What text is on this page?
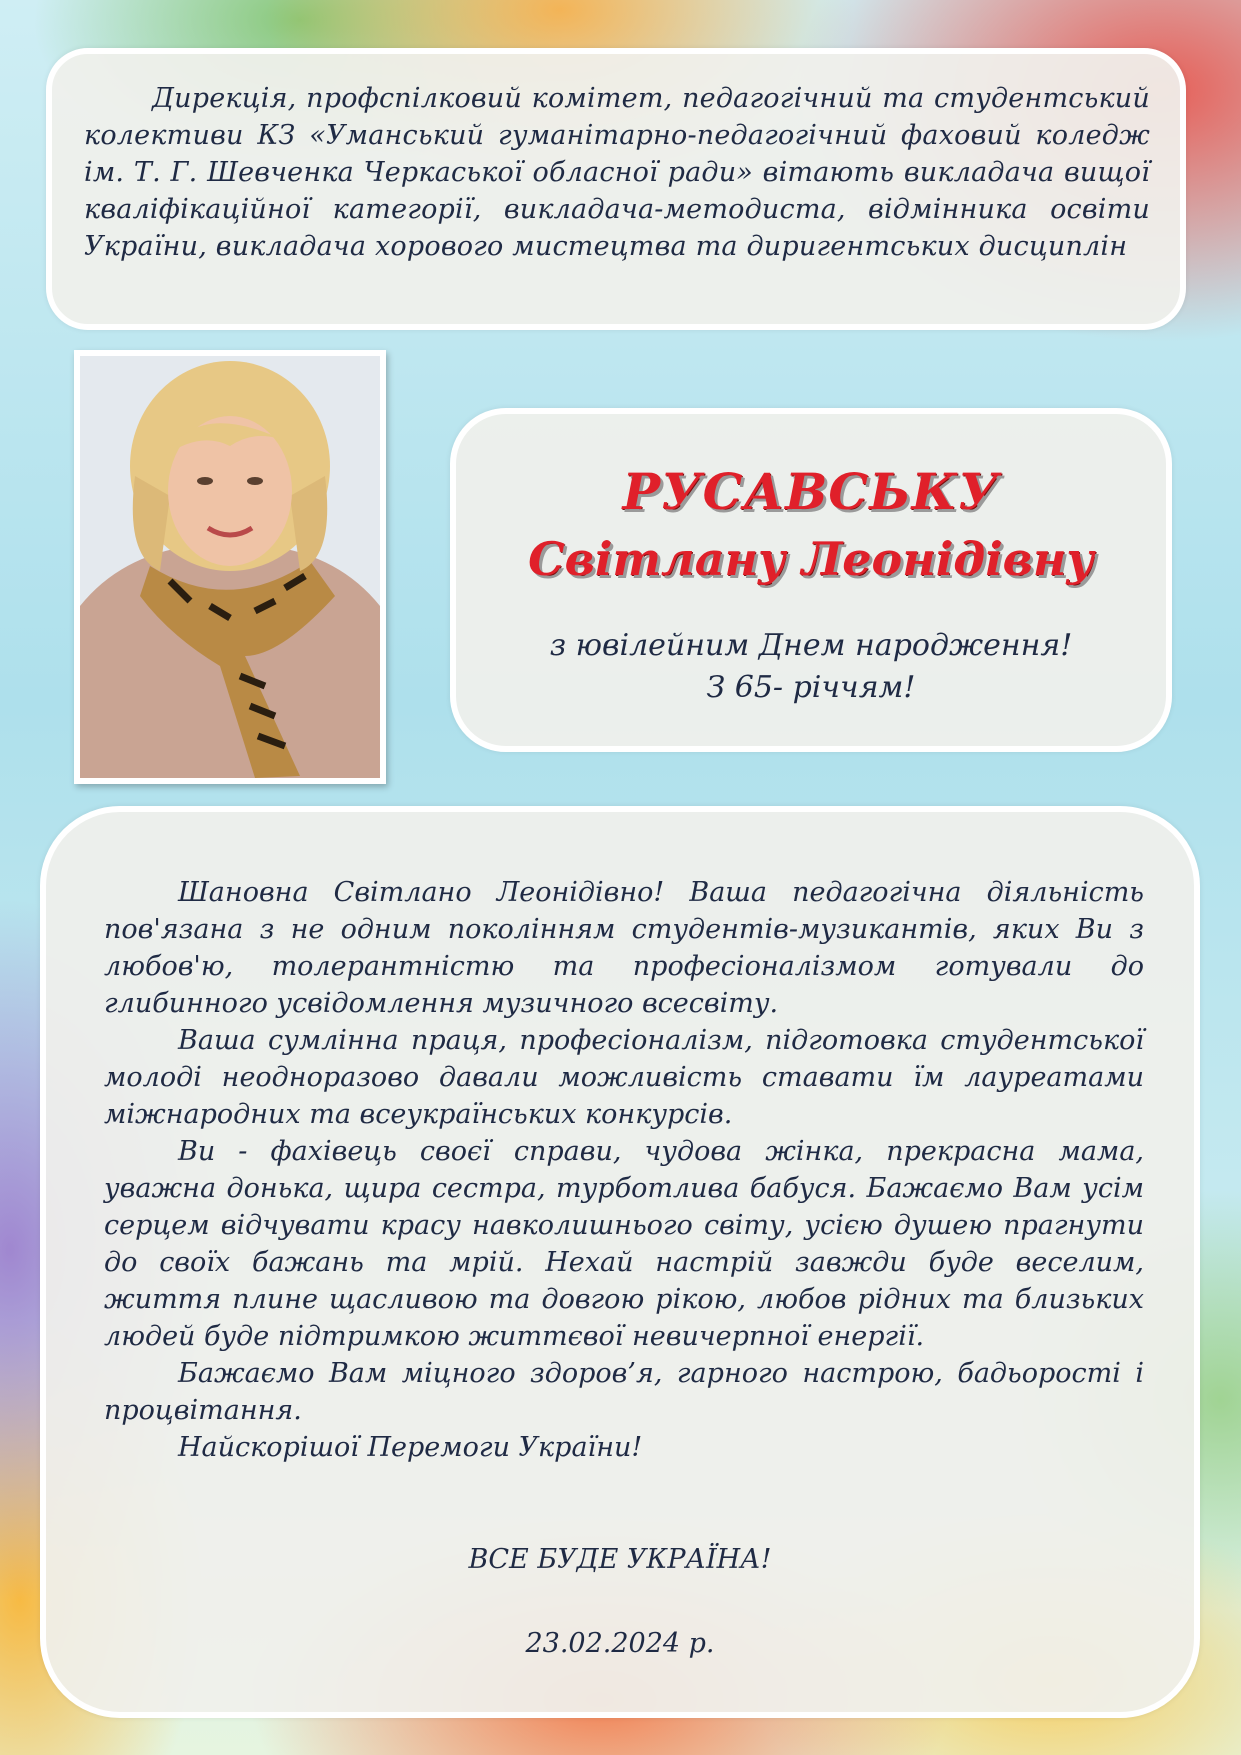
Дирекція, профспілковий комітет, педагогічний та студентський колективи КЗ «Уманський гуманітарно-педагогічний фаховий коледж ім. Т. Г. Шевченка Черкаської обласної ради» вітають викладача вищої кваліфікаційної категорії, викладача-методиста, відмінника освіти України, викладача хорового мистецтва та диригентських дисциплін

РУСАВСЬКУ
Світлану Леонідівну
з ювілейним Днем народження!
З 65- річчям!

Шановна Світлано Леонідівно! Ваша педагогічна діяльність пов'язана з не одним поколінням студентів-музикантів, яких Ви з любов'ю, толерантністю та професіоналізмом готували до глибинного усвідомлення музичного всесвіту.

Ваша сумлінна праця, професіоналізм, підготовка студентської молоді неодноразово давали можливість ставати їм лауреатами міжнародних та всеукраїнських конкурсів.

Ви - фахівець своєї справи, чудова жінка, прекрасна мама, уважна донька, щира сестра, турботлива бабуся. Бажаємо Вам усім серцем відчувати красу навколишнього світу, усією душею прагнути до своїх бажань та мрій. Нехай настрій завжди буде веселим, життя плине щасливою та довгою рікою, любов рідних та близьких людей буде підтримкою життєвої невичерпної енергії.

Бажаємо Вам міцного здоров’я, гарного настрою, бадьорості і процвітання.

Найскорішої Перемоги України!

ВСЕ БУДЕ УКРАЇНА!
23.02.2024 р.
